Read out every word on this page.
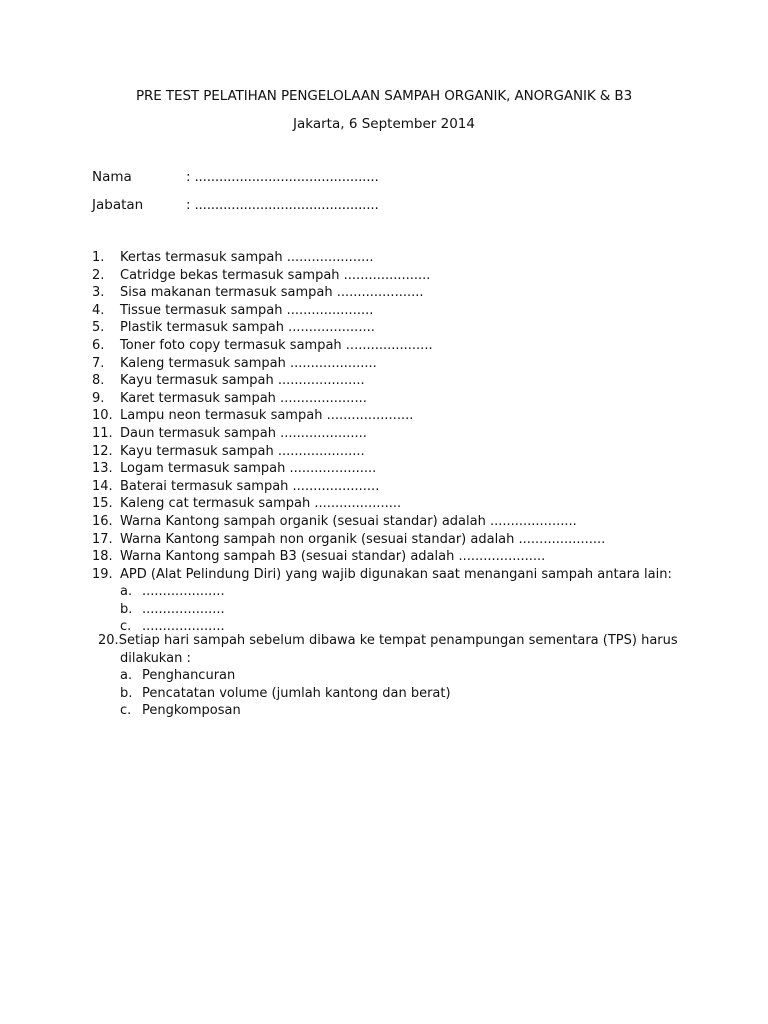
PRE TEST PELATIHAN PENGELOLAAN SAMPAH ORGANIK, ANORGANIK & B3
Jakarta, 6 September 2014
Nama	: .............................................
Jabatan	: .............................................
1.	Kertas termasuk sampah .....................
2.	Catridge bekas termasuk sampah .....................
3.	Sisa makanan termasuk sampah .....................
4.	Tissue termasuk sampah .....................
5.	Plastik termasuk sampah .....................
6.	Toner foto copy termasuk sampah .....................
7.	Kaleng termasuk sampah .....................
8.	Kayu termasuk sampah .....................
9.	Karet termasuk sampah .....................
10. Lampu neon termasuk sampah .....................
11. Daun termasuk sampah .....................
12. Kayu termasuk sampah .....................
13. Logam termasuk sampah .....................
14. Baterai termasuk sampah .....................
15. Kaleng cat termasuk sampah .....................
16. Warna Kantong sampah organik (sesuai standar) adalah .....................
17. Warna Kantong sampah non organik (sesuai standar) adalah .....................
18. Warna Kantong sampah B3 (sesuai standar) adalah .....................
19. APD (Alat Pelindung Diri) yang wajib digunakan saat menangani sampah antara lain:
a. ....................
b. ....................
c. ....................
20. Setiap hari sampah sebelum dibawa ke tempat penampungan sementara (TPS) harus
dilakukan :
a. Penghancuran
b. Pencatatan volume (jumlah kantong dan berat)
c. Pengkomposan
